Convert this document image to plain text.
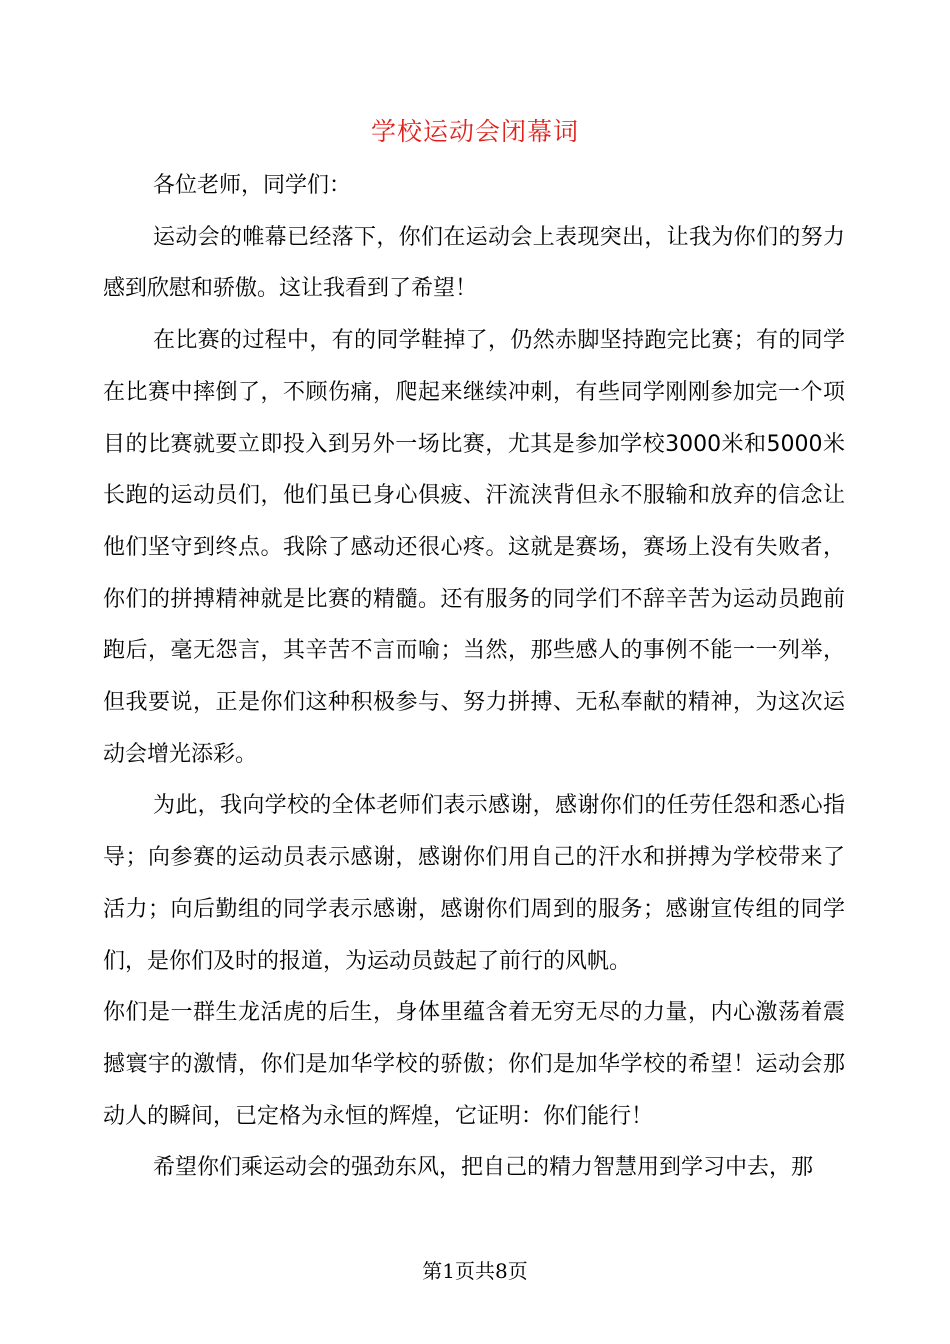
学校运动会闭幕词

各位老师，同学们：

运动会的帷幕已经落下，你们在运动会上表现突出，让我为你们的努力感到欣慰和骄傲。这让我看到了希望！

在比赛的过程中，有的同学鞋掉了，仍然赤脚坚持跑完比赛；有的同学在比赛中摔倒了，不顾伤痛，爬起来继续冲刺，有些同学刚刚参加完一个项目的比赛就要立即投入到另外一场比赛，尤其是参加学校3000米和5000米长跑的运动员们，他们虽已身心俱疲、汗流浃背但永不服输和放弃的信念让他们坚守到终点。我除了感动还很心疼。这就是赛场，赛场上没有失败者，你们的拼搏精神就是比赛的精髓。还有服务的同学们不辞辛苦为运动员跑前跑后，毫无怨言，其辛苦不言而喻；当然，那些感人的事例不能一一列举，但我要说，正是你们这种积极参与、努力拼搏、无私奉献的精神，为这次运动会增光添彩。

为此，我向学校的全体老师们表示感谢，感谢你们的任劳任怨和悉心指导；向参赛的运动员表示感谢，感谢你们用自己的汗水和拼搏为学校带来了活力；向后勤组的同学表示感谢，感谢你们周到的服务；感谢宣传组的同学们，是你们及时的报道，为运动员鼓起了前行的风帆。

你们是一群生龙活虎的后生，身体里蕴含着无穷无尽的力量，内心激荡着震撼寰宇的激情，你们是加华学校的骄傲；你们是加华学校的希望！运动会那动人的瞬间，已定格为永恒的辉煌，它证明：你们能行！

希望你们乘运动会的强劲东风，把自己的精力智慧用到学习中去，那

第1页共8页
